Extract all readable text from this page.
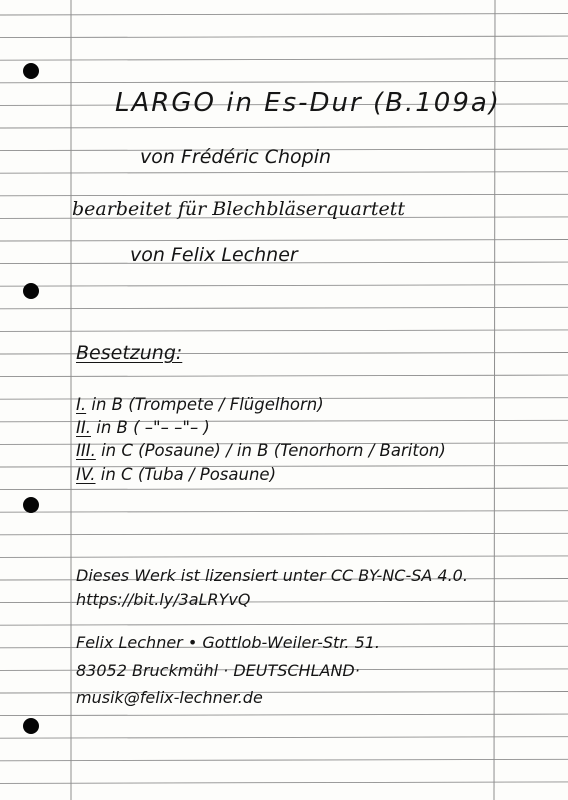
LARGO in Es-Dur (B.109a)
von Frédéric Chopin
bearbeitet für Blechbläserquartett
von Felix Lechner
Besetzung:
I. in B (Trompete / Flügelhorn)
II. in B ( –"– –"– )
III. in C (Posaune) / in B (Tenorhorn / Bariton)
IV. in C (Tuba / Posaune)
Dieses Werk ist lizensiert unter CC BY-NC-SA 4.0.
https://bit.ly/3aLRYvQ
Felix Lechner • Gottlob-Weiler-Str. 51.
83052 Bruckmühl · DEUTSCHLAND·
musik@felix-lechner.de
